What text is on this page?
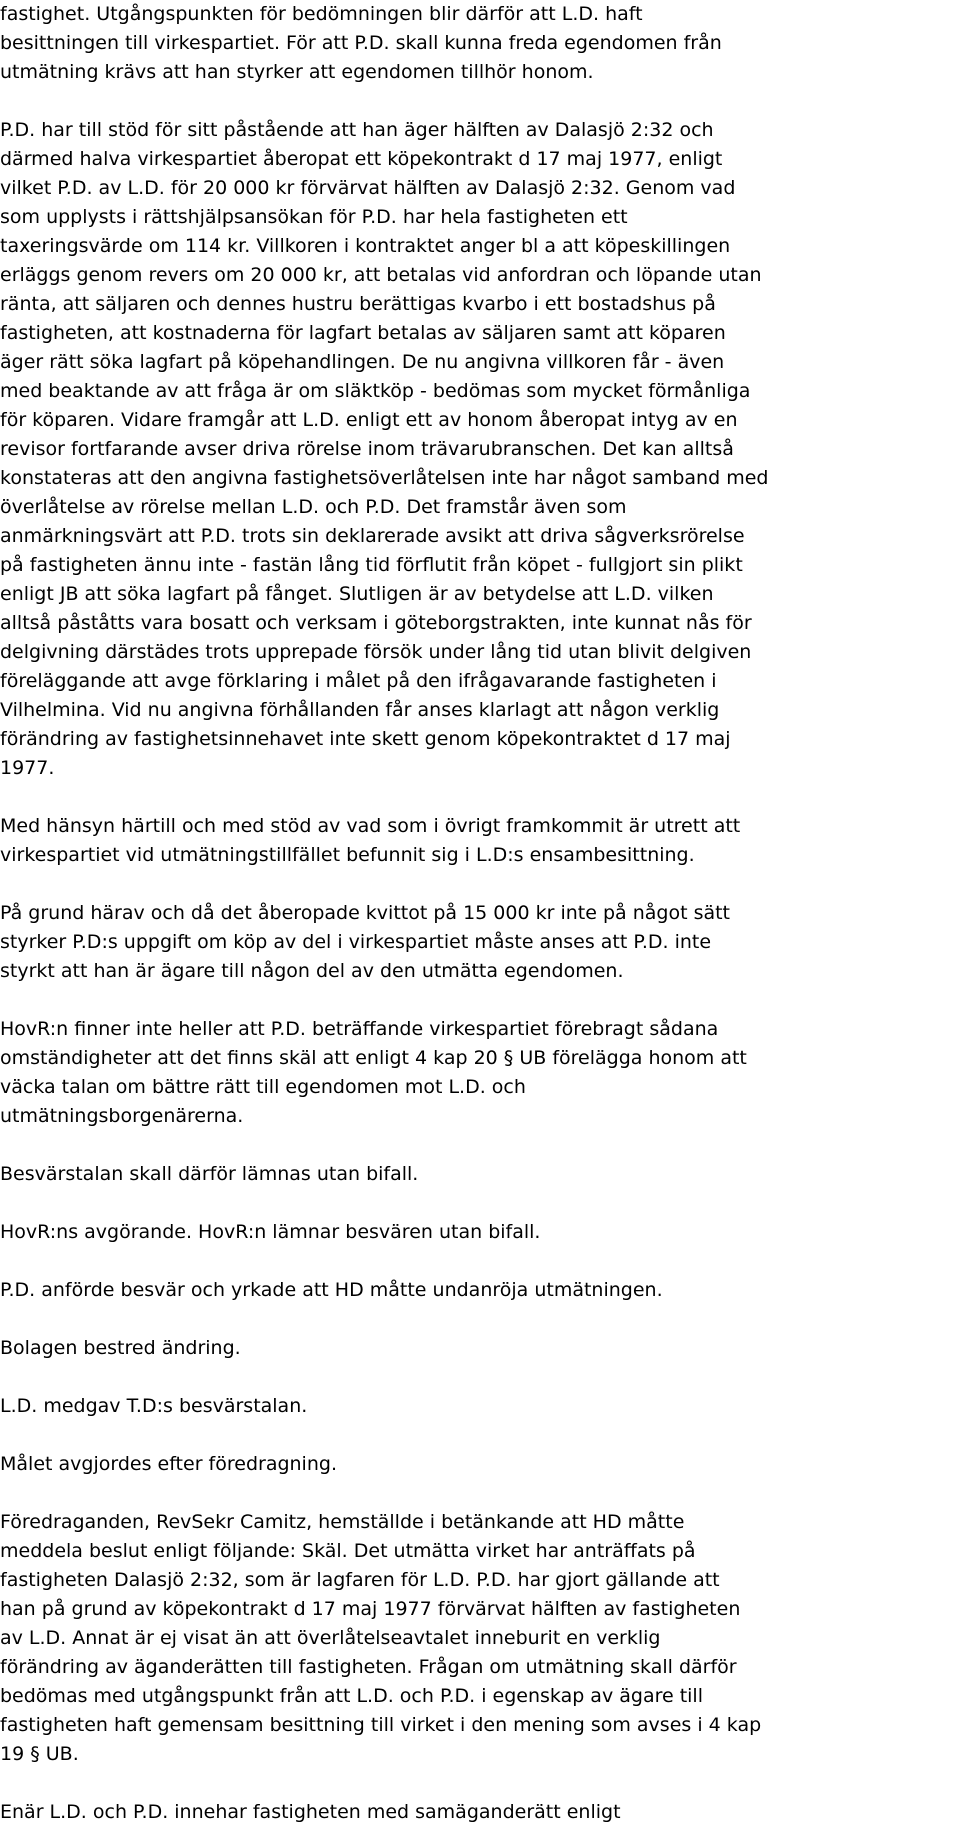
fastighet. Utgångspunkten för bedömningen blir därför att L.D. haft
besittningen till virkespartiet. För att P.D. skall kunna freda egendomen från
utmätning krävs att han styrker att egendomen tillhör honom.
P.D. har till stöd för sitt påstående att han äger hälften av Dalasjö 2:32 och
därmed halva virkespartiet åberopat ett köpekontrakt d 17 maj 1977, enligt
vilket P.D. av L.D. för 20 000 kr förvärvat hälften av Dalasjö 2:32. Genom vad
som upplysts i rättshjälpsansökan för P.D. har hela fastigheten ett
taxeringsvärde om 114 kr. Villkoren i kontraktet anger bl a att köpeskillingen
erläggs genom revers om 20 000 kr, att betalas vid anfordran och löpande utan
ränta, att säljaren och dennes hustru berättigas kvarbo i ett bostadshus på
fastigheten, att kostnaderna för lagfart betalas av säljaren samt att köparen
äger rätt söka lagfart på köpehandlingen. De nu angivna villkoren får - även
med beaktande av att fråga är om släktköp - bedömas som mycket förmånliga
för köparen. Vidare framgår att L.D. enligt ett av honom åberopat intyg av en
revisor fortfarande avser driva rörelse inom trävarubranschen. Det kan alltså
konstateras att den angivna fastighetsöverlåtelsen inte har något samband med
överlåtelse av rörelse mellan L.D. och P.D. Det framstår även som
anmärkningsvärt att P.D. trots sin deklarerade avsikt att driva sågverksrörelse
på fastigheten ännu inte - fastän lång tid förflutit från köpet - fullgjort sin plikt
enligt JB att söka lagfart på fånget. Slutligen är av betydelse att L.D. vilken
alltså påståtts vara bosatt och verksam i göteborgstrakten, inte kunnat nås för
delgivning därstädes trots upprepade försök under lång tid utan blivit delgiven
föreläggande att avge förklaring i målet på den ifrågavarande fastigheten i
Vilhelmina. Vid nu angivna förhållanden får anses klarlagt att någon verklig
förändring av fastighetsinnehavet inte skett genom köpekontraktet d 17 maj
1977.
Med hänsyn härtill och med stöd av vad som i övrigt framkommit är utrett att
virkespartiet vid utmätningstillfället befunnit sig i L.D:s ensambesittning.
På grund härav och då det åberopade kvittot på 15 000 kr inte på något sätt
styrker P.D:s uppgift om köp av del i virkespartiet måste anses att P.D. inte
styrkt att han är ägare till någon del av den utmätta egendomen.
HovR:n finner inte heller att P.D. beträffande virkespartiet förebragt sådana
omständigheter att det finns skäl att enligt 4 kap 20 § UB förelägga honom att
väcka talan om bättre rätt till egendomen mot L.D. och
utmätningsborgenärerna.
Besvärstalan skall därför lämnas utan bifall.
HovR:ns avgörande. HovR:n lämnar besvären utan bifall.
P.D. anförde besvär och yrkade att HD måtte undanröja utmätningen.
Bolagen bestred ändring.
L.D. medgav T.D:s besvärstalan.
Målet avgjordes efter föredragning.
Föredraganden, RevSekr Camitz, hemställde i betänkande att HD måtte
meddela beslut enligt följande: Skäl. Det utmätta virket har anträffats på
fastigheten Dalasjö 2:32, som är lagfaren för L.D. P.D. har gjort gällande att
han på grund av köpekontrakt d 17 maj 1977 förvärvat hälften av fastigheten
av L.D. Annat är ej visat än att överlåtelseavtalet inneburit en verklig
förändring av äganderätten till fastigheten. Frågan om utmätning skall därför
bedömas med utgångspunkt från att L.D. och P.D. i egenskap av ägare till
fastigheten haft gemensam besittning till virket i den mening som avses i 4 kap
19 § UB.
Enär L.D. och P.D. innehar fastigheten med samäganderätt enligt
